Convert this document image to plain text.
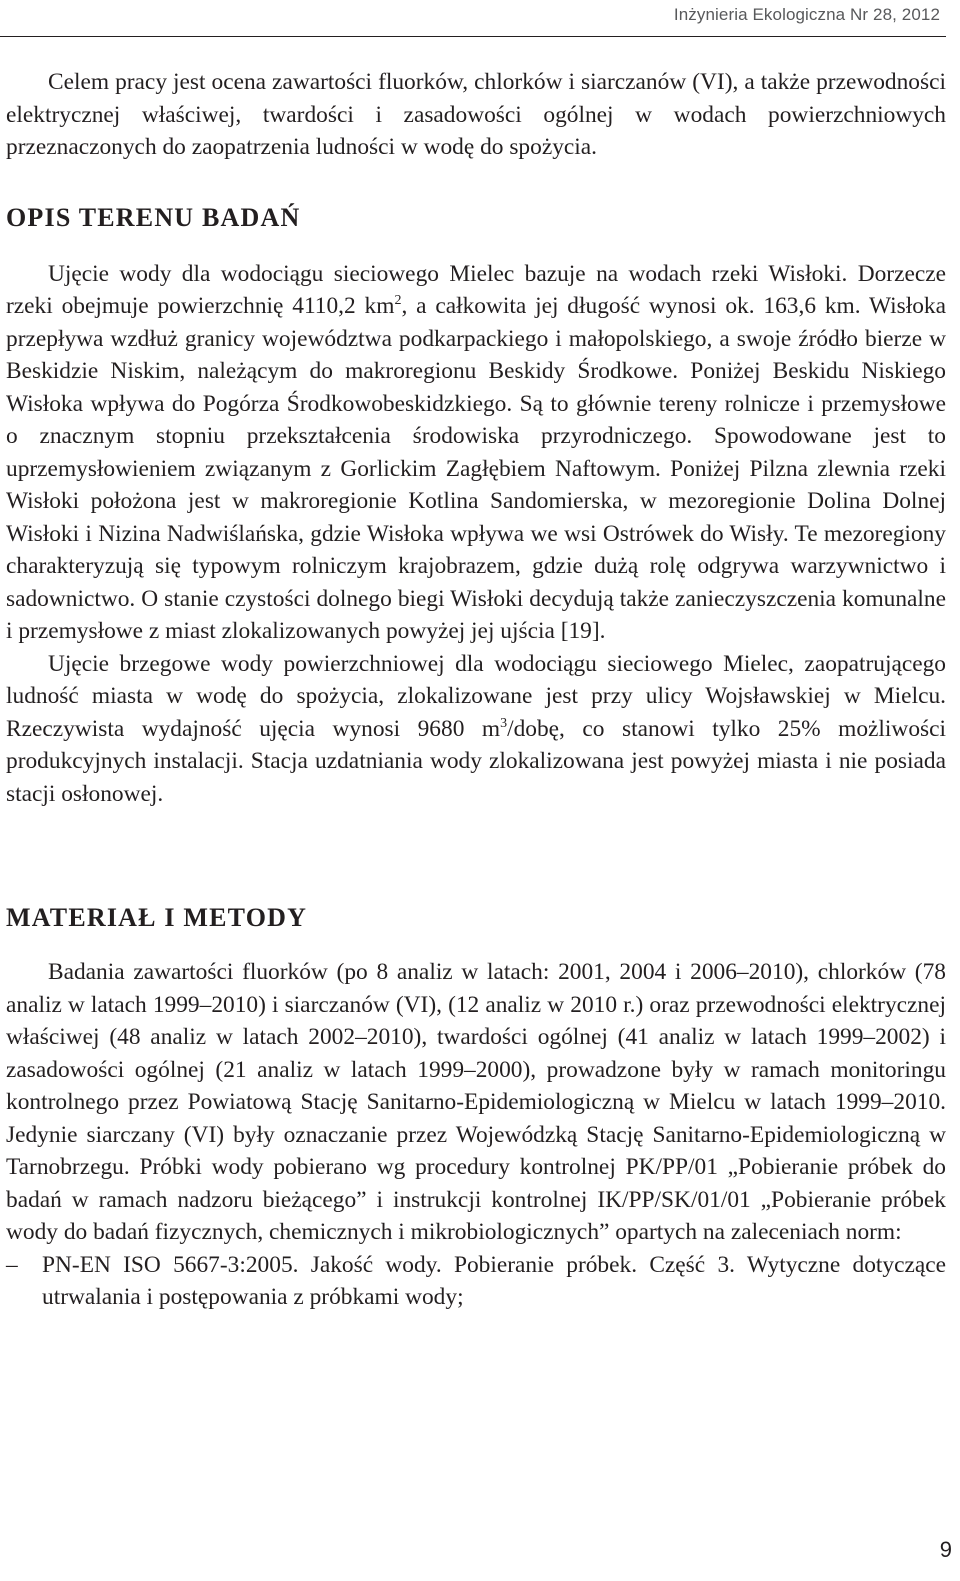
Inżynieria Ekologiczna Nr 28, 2012

Celem pracy jest ocena zawartości fluorków, chlorków i siarczanów (VI), a także przewodności elektrycznej właściwej, twardości i zasadowości ogólnej w wodach powierzchniowych przeznaczonych do zaopatrzenia ludności w wodę do spożycia.

OPIS TERENU BADAŃ

Ujęcie wody dla wodociągu sieciowego Mielec bazuje na wodach rzeki Wisłoki. Dorzecze rzeki obejmuje powierzchnię 4110,2 $km^2$, a całkowita jej długość wynosi ok. 163,6 km. Wisłoka przepływa wzdłuż granicy województwa podkarpackiego i małopolskiego, a swoje źródło bierze w Beskidzie Niskim, należącym do makroregionu Beskidy Środkowe. Poniżej Beskidu Niskiego Wisłoka wpływa do Pogórza Środkowobeskidzkiego. Są to głównie tereny rolnicze i przemysłowe o znacznym stopniu przekształcenia środowiska przyrodniczego. Spowodowane jest to uprzemysłowieniem związanym z Gorlickim Zagłębiem Naftowym. Poniżej Pilzna zlewnia rzeki Wisłoki położona jest w makroregionie Kotlina Sandomierska, w mezoregionie Dolina Dolnej Wisłoki i Nizina Nadwiślańska, gdzie Wisłoka wpływa we wsi Ostrówek do Wisły. Te mezoregiony charakteryzują się typowym rolniczym krajobrazem, gdzie dużą rolę odgrywa warzywnictwo i sadownictwo. O stanie czystości dolnego biegi Wisłoki decydują także zanieczyszczenia komunalne i przemysłowe z miast zlokalizowanych powyżej jej ujścia [19].

Ujęcie brzegowe wody powierzchniowej dla wodociągu sieciowego Mielec, zaopatrującego ludność miasta w wodę do spożycia, zlokalizowane jest przy ulicy Wojsławskiej w Mielcu. Rzeczywista wydajność ujęcia wynosi 9680 $m^3$/dobę, co stanowi tylko 25% możliwości produkcyjnych instalacji. Stacja uzdatniania wody zlokalizowana jest powyżej miasta i nie posiada stacji osłonowej.

MATERIAŁ I METODY

Badania zawartości fluorków (po 8 analiz w latach: 2001, 2004 i 2006–2010), chlorków (78 analiz w latach 1999–2010) i siarczanów (VI), (12 analiz w 2010 r.) oraz przewodności elektrycznej właściwej (48 analiz w latach 2002–2010), twardości ogólnej (41 analiz w latach 1999–2002) i zasadowości ogólnej (21 analiz w latach 1999–2000), prowadzone były w ramach monitoringu kontrolnego przez Powiatową Stację Sanitarno-Epidemiologiczną w Mielcu w latach 1999–2010. Jedynie siarczany (VI) były oznaczanie przez Wojewódzką Stację Sanitarno-Epidemiologiczną w Tarnobrzegu. Próbki wody pobierano wg procedury kontrolnej PK/PP/01 „Pobieranie próbek do badań w ramach nadzoru bieżącego” i instrukcji kontrolnej IK/PP/SK/01/01 „Pobieranie próbek wody do badań fizycznych, chemicznych i mikrobiologicznych” opartych na zaleceniach norm:

– PN-EN ISO 5667-3:2005. Jakość wody. Pobieranie próbek. Część 3. Wytyczne dotyczące utrwalania i postępowania z próbkami wody;
9
